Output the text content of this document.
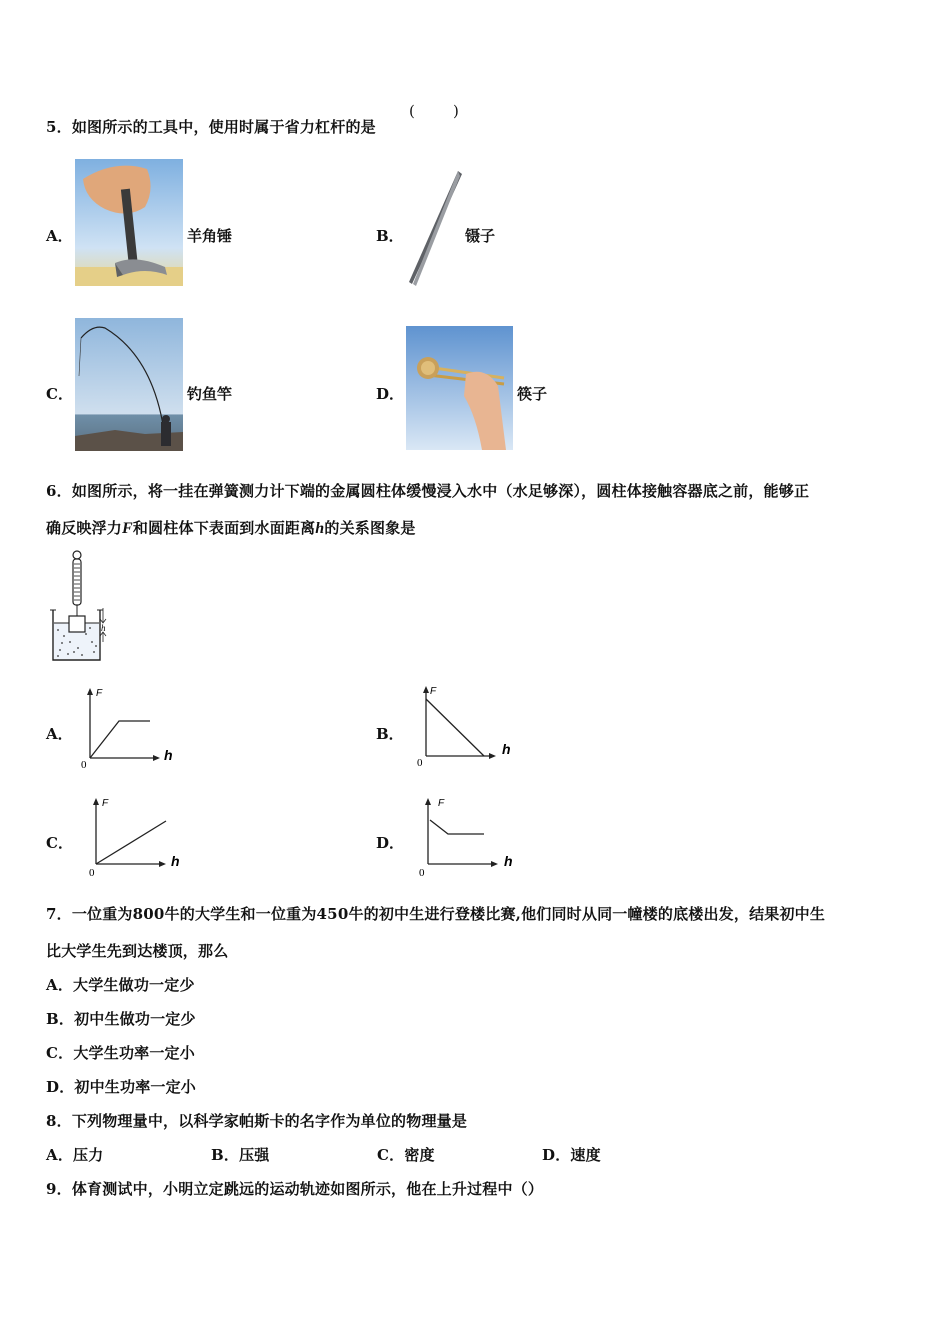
5．如图所示的工具中，使用时属于省力杠杆的是
(        )
A．	羊角锤	B．	镊子
C．	钓鱼竿	D．	筷子
6．如图所示，将一挂在弹簧测力计下端的金属圆柱体缓慢浸入水中（水足够深），圆柱体接触容器底之前，能够正
确反映浮力F和圆柱体下表面到水面距离h的关系图象是
h
A．	B．
C．	D．
F
h
0
F
h
0
F
h
0
F
h
0
7．一位重为800牛的大学生和一位重为450牛的初中生进行登楼比赛,他们同时从同一幢楼的底楼出发，结果初中生
比大学生先到达楼顶，那么
A．大学生做功一定少
B．初中生做功一定少
C．大学生功率一定小
D．初中生功率一定小
8．下列物理量中，以科学家帕斯卡的名字作为单位的物理量是
A．压力	B．压强	C．密度	D．速度
9．体育测试中，小明立定跳远的运动轨迹如图所示，他在上升过程中（）
